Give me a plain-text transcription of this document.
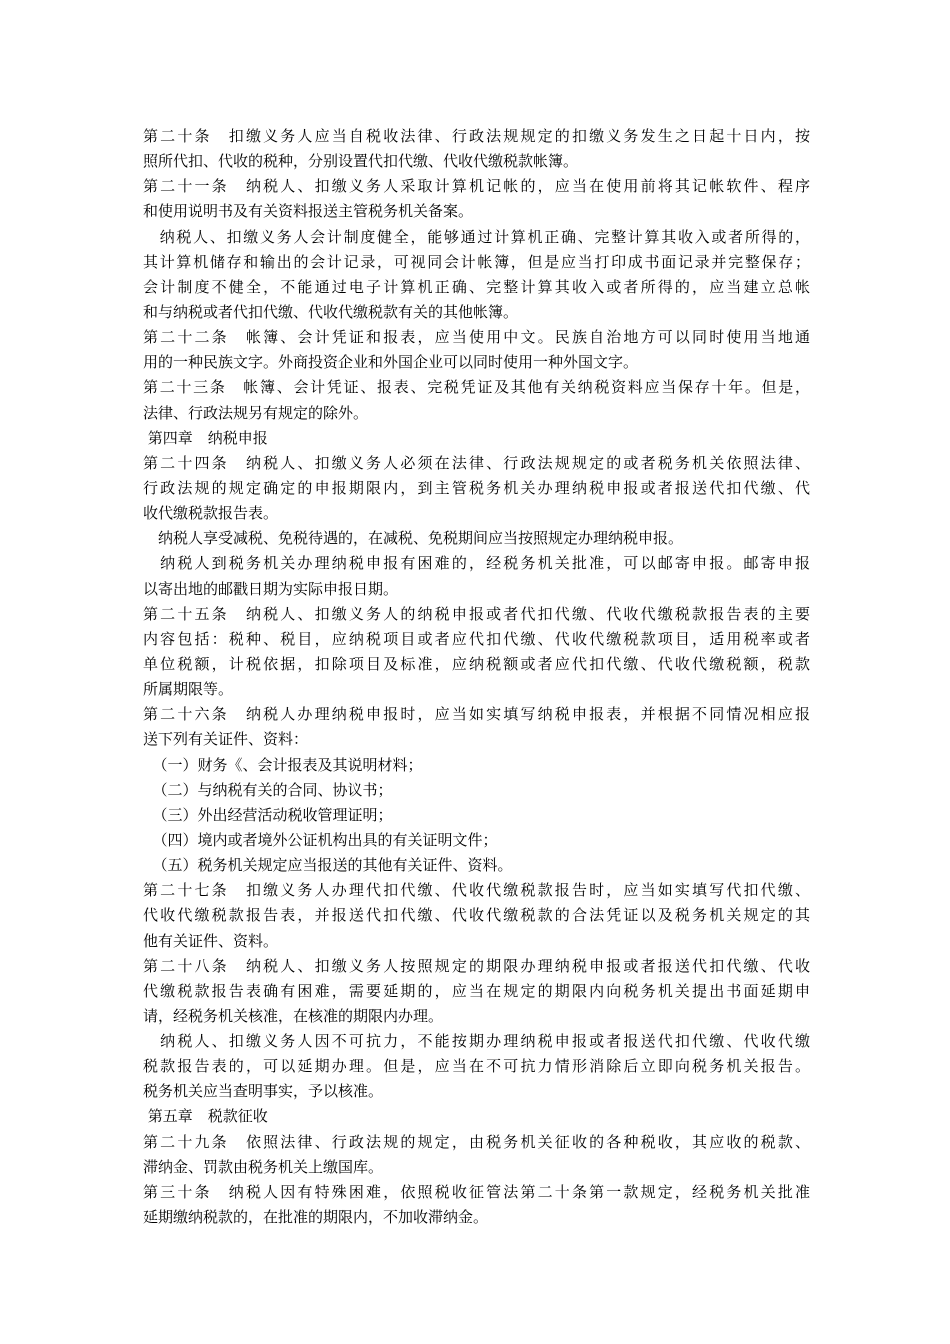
第二十条　扣缴义务人应当自税收法律、行政法规规定的扣缴义务发生之日起十日内，按
照所代扣、代收的税种，分别设置代扣代缴、代收代缴税款帐簿。
第二十一条　纳税人、扣缴义务人采取计算机记帐的，应当在使用前将其记帐软件、程序
和使用说明书及有关资料报送主管税务机关备案。
　纳税人、扣缴义务人会计制度健全，能够通过计算机正确、完整计算其收入或者所得的，
其计算机储存和输出的会计记录，可视同会计帐簿，但是应当打印成书面记录并完整保存；
会计制度不健全，不能通过电子计算机正确、完整计算其收入或者所得的，应当建立总帐
和与纳税或者代扣代缴、代收代缴税款有关的其他帐簿。
第二十二条　帐簿、会计凭证和报表，应当使用中文。民族自治地方可以同时使用当地通
用的一种民族文字。外商投资企业和外国企业可以同时使用一种外国文字。
第二十三条　帐簿、会计凭证、报表、完税凭证及其他有关纳税资料应当保存十年。但是，
法律、行政法规另有规定的除外。
第四章　纳税申报
第二十四条　纳税人、扣缴义务人必须在法律、行政法规规定的或者税务机关依照法律、
行政法规的规定确定的申报期限内，到主管税务机关办理纳税申报或者报送代扣代缴、代
收代缴税款报告表。
　纳税人享受减税、免税待遇的，在减税、免税期间应当按照规定办理纳税申报。
　纳税人到税务机关办理纳税申报有困难的，经税务机关批准，可以邮寄申报。邮寄申报
以寄出地的邮戳日期为实际申报日期。
第二十五条　纳税人、扣缴义务人的纳税申报或者代扣代缴、代收代缴税款报告表的主要
内容包括：税种、税目，应纳税项目或者应代扣代缴、代收代缴税款项目，适用税率或者
单位税额，计税依据，扣除项目及标准，应纳税额或者应代扣代缴、代收代缴税额，税款
所属期限等。
第二十六条　纳税人办理纳税申报时，应当如实填写纳税申报表，并根据不同情况相应报
送下列有关证件、资料：
（一）财务《、会计报表及其说明材料；
（二）与纳税有关的合同、协议书；
（三）外出经营活动税收管理证明；
（四）境内或者境外公证机构出具的有关证明文件；
（五）税务机关规定应当报送的其他有关证件、资料。
第二十七条　扣缴义务人办理代扣代缴、代收代缴税款报告时，应当如实填写代扣代缴、
代收代缴税款报告表，并报送代扣代缴、代收代缴税款的合法凭证以及税务机关规定的其
他有关证件、资料。
第二十八条　纳税人、扣缴义务人按照规定的期限办理纳税申报或者报送代扣代缴、代收
代缴税款报告表确有困难，需要延期的，应当在规定的期限内向税务机关提出书面延期申
请，经税务机关核准，在核准的期限内办理。
　纳税人、扣缴义务人因不可抗力，不能按期办理纳税申报或者报送代扣代缴、代收代缴
税款报告表的，可以延期办理。但是，应当在不可抗力情形消除后立即向税务机关报告。
税务机关应当查明事实，予以核准。
第五章　税款征收
第二十九条　依照法律、行政法规的规定，由税务机关征收的各种税收，其应收的税款、
滞纳金、罚款由税务机关上缴国库。
第三十条　纳税人因有特殊困难，依照税收征管法第二十条第一款规定，经税务机关批准
延期缴纳税款的，在批准的期限内，不加收滞纳金。
